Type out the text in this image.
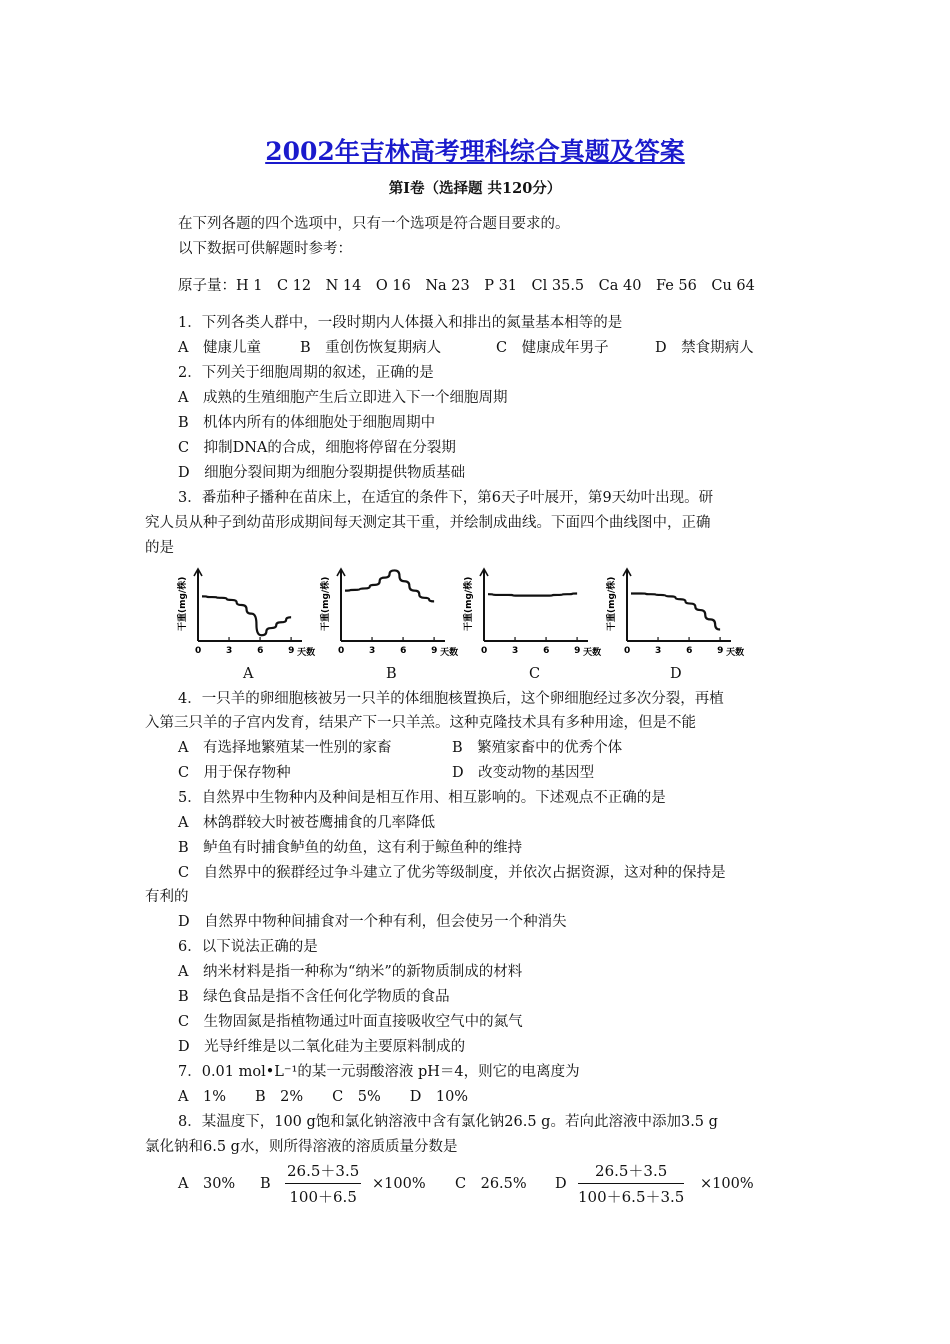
2002年吉林高考理科综合真题及答案
第Ⅰ卷（选择题 共120分）
在下列各题的四个选项中，只有一个选项是符合题目要求的。
以下数据可供解题时参考：
原子量：H 1　C 12　N 14　O 16　Na 23　P 31　Cl 35.5　Ca 40　Fe 56　Cu 64
1．下列各类人群中，一段时期内人体摄入和排出的氮量基本相等的是
A　健康儿童	B　重创伤恢复期病人	C　健康成年男子	D　禁食期病人
2．下列关于细胞周期的叙述，正确的是
A　成熟的生殖细胞产生后立即进入下一个细胞周期
B　机体内所有的体细胞处于细胞周期中
C　抑制DNA的合成，细胞将停留在分裂期
D　细胞分裂间期为细胞分裂期提供物质基础
3．番茄种子播种在苗床上，在适宜的条件下，第6天子叶展开，第9天幼叶出现。研
究人员从种子到幼苗形成期间每天测定其干重，并绘制成曲线。下面四个曲线图中，正确
的是
干重(mg/株)
0	3	6	9 天数
干重(mg/株)
0	3	6	9 天数
干重(mg/株)
0	3	6	9 天数
干重(mg/株)
0	3	6	9 天数
A	B	C	D
4．一只羊的卵细胞核被另一只羊的体细胞核置换后，这个卵细胞经过多次分裂，再植
入第三只羊的子宫内发育，结果产下一只羊羔。这种克隆技术具有多种用途，但是不能
A　有选择地繁殖某一性别的家畜	B　繁殖家畜中的优秀个体
C　用于保存物种	D　改变动物的基因型
5．自然界中生物种内及种间是相互作用、相互影响的。下述观点不正确的是
A　林鸽群较大时被苍鹰捕食的几率降低
B　鲈鱼有时捕食鲈鱼的幼鱼，这有利于鲸鱼种的维持
C　自然界中的猴群经过争斗建立了优劣等级制度，并依次占据资源，这对种的保持是
有利的
D　自然界中物种间捕食对一个种有利，但会使另一个种消失
6．以下说法正确的是
A　纳米材料是指一种称为“纳米”的新物质制成的材料
B　绿色食品是指不含任何化学物质的食品
C　生物固氮是指植物通过叶面直接吸收空气中的氮气
D　光导纤维是以二氧化硅为主要原料制成的
7．0.01 mol•L⁻¹的某一元弱酸溶液 pH＝4，则它的电离度为
A　1%　　B　2%　　C　5%　　D　10%
8．某温度下，100 g饱和氯化钠溶液中含有氯化钠26.5 g。若向此溶液中添加3.5 g
氯化钠和6.5 g水，则所得溶液的溶质质量分数是
A　30% B $\frac{26.5+3.5}{100+6.5} \times 100\%$ C　26.5% D $\frac{26.5+3.5}{100+6.5+3.5} \times 100\%$
